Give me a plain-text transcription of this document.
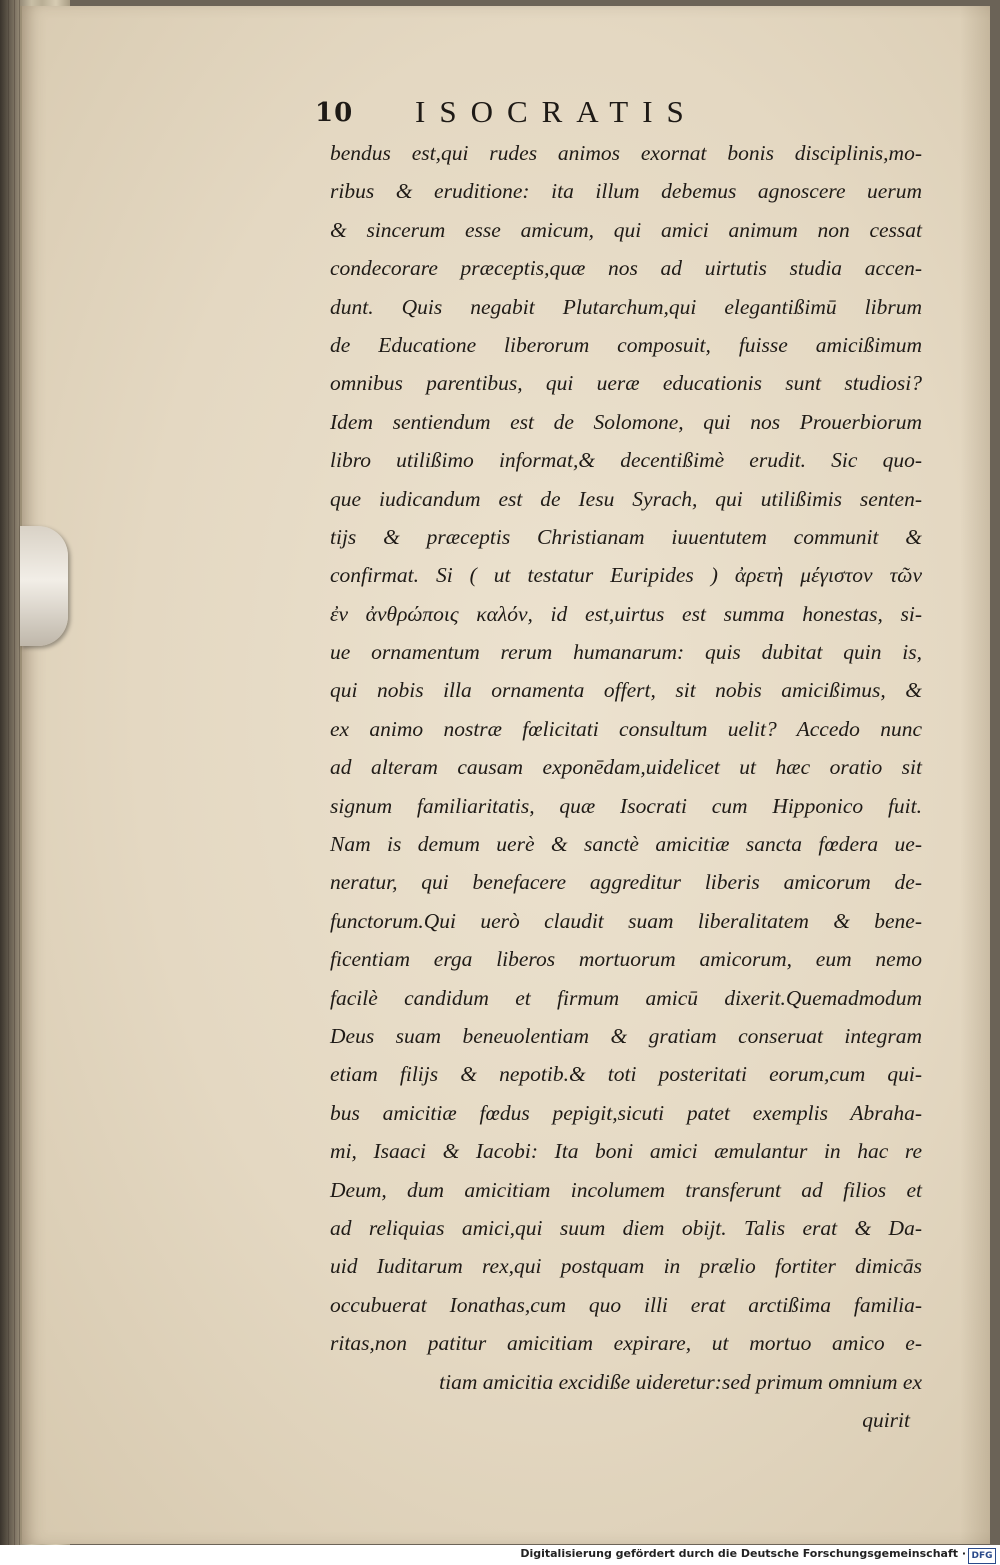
10 ISOCRATIS
bendus est,qui rudes animos exornat bonis disciplinis,mo-
ribus & eruditione: ita illum debemus agnoscere uerum
& sincerum esse amicum, qui amici animum non cessat
condecorare præceptis,quæ nos ad uirtutis studia accen-
dunt. Quis negabit Plutarchum,qui elegantißimū librum
de Educatione liberorum composuit, fuisse amicißimum
omnibus parentibus, qui ueræ educationis sunt studiosi?
Idem sentiendum est de Solomone, qui nos Prouerbiorum
libro utilißimo informat,& decentißimè erudit. Sic quo-
que iudicandum est de Iesu Syrach, qui utilißimis senten-
tijs & præceptis Christianam iuuentutem communit &
confirmat. Si ( ut testatur Euripides ) ἀρετὴ μέγιστον τῶν
ἐν ἀνθρώποις καλόν, id est,uirtus est summa honestas, si-
ue ornamentum rerum humanarum: quis dubitat quin is,
qui nobis illa ornamenta offert, sit nobis amicißimus, &
ex animo nostræ fœlicitati consultum uelit? Accedo nunc
ad alteram causam exponēdam,uidelicet ut hæc oratio sit
signum familiaritatis, quæ Isocrati cum Hipponico fuit.
Nam is demum uerè & sanctè amicitiæ sancta fœdera ue-
neratur, qui benefacere aggreditur liberis amicorum de-
functorum.Qui uerò claudit suam liberalitatem & bene-
ficentiam erga liberos mortuorum amicorum, eum nemo
facilè candidum et firmum amicū dixerit.Quemadmodum
Deus suam beneuolentiam & gratiam conseruat integram
etiam filijs & nepotib.& toti posteritati eorum,cum qui-
bus amicitiæ fœdus pepigit,sicuti patet exemplis Abraha-
mi, Isaaci & Iacobi: Ita boni amici æmulantur in hac re
Deum, dum amicitiam incolumem transferunt ad filios et
ad reliquias amici,qui suum diem obijt. Talis erat & Da-
uid Iuditarum rex,qui postquam in prælio fortiter dimicās
occubuerat Ionathas,cum quo illi erat arctißima familia-
ritas,non patitur amicitiam expirare, ut mortuo amico e-
tiam amicitia excidiße uideretur:sed primum omnium ex
quirit
Digitalisierung gefördert durch die Deutsche Forschungsgemeinschaft · DFG
